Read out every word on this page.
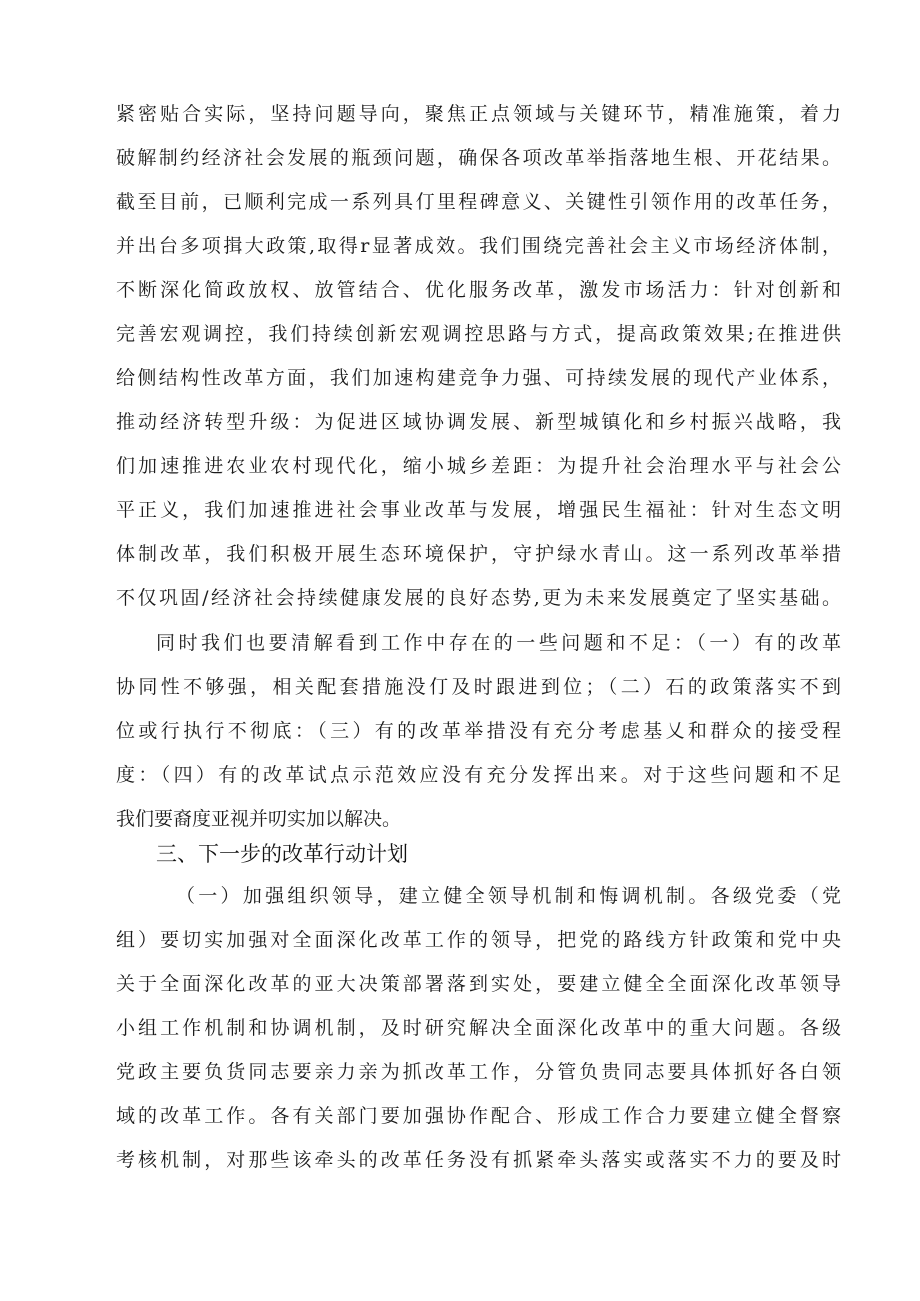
紧密贴合实际，坚持问题导向，聚焦正点领域与关键环节，精准施策，着力
破解制约经济社会发展的瓶颈问题，确保各项改革举指落地生根、开花结果。
截至目前，已顺利完成一系列具仃里程碑意义、关键性引领作用的改革任务，
并出台多项揖大政策,取得r显著成效。我们围绕完善社会主义市场经济体制，
不断深化简政放权、放管结合、优化服务改革，激发市场活力：针对创新和
完善宏观调控，我们持续创新宏观调控思路与方式，提高政策效果;在推进供
给侧结构性改革方面，我们加速构建竞争力强、可持续发展的现代产业体系，
推动经济转型升级：为促进区域协调发展、新型城镇化和乡村振兴战略，我
们加速推进农业农村现代化，缩小城乡差距：为提升社会治理水平与社会公
平正义，我们加速推进社会事业改革与发展，增强民生福祉：针对生态文明
体制改革，我们积极开展生态环境保护，守护绿水青山。这一系列改革举措
不仅巩固/经济社会持续健康发展的良好态势,更为未来发展奠定了坚实基础。
同时我们也要清解看到工作中存在的一些问题和不足：（一）有的改革
协同性不够强，相关配套措施没仃及时跟进到位；（二）石的政策落实不到
位或行执行不彻底：（三）有的改革举措没有充分考虑基乂和群众的接受程
度：（四）有的改革试点示范效应没有充分发挥出来。对于这些问题和不足
我们要裔度亚视并叨实加以解决。
三、下一步的改革行动计划
（一）加强组织领导，建立健全领导机制和悔调机制。各级党委（党
组）要切实加强对全面深化改革工作的领导，把党的路线方针政策和党中央
关于全面深化改革的亚大决策部署落到实处，要建立健全全面深化改革领导
小组工作机制和协调机制，及时研究解决全面深化改革中的重大问题。各级
党政主要负货同志要亲力亲为抓改革工作，分管负贵同志要具体抓好各白领
域的改革工作。各有关部门要加强协作配合、形成工作合力要建立健全督察
考核机制，对那些该牵头的改革任务没有抓紧牵头落实或落实不力的要及时
